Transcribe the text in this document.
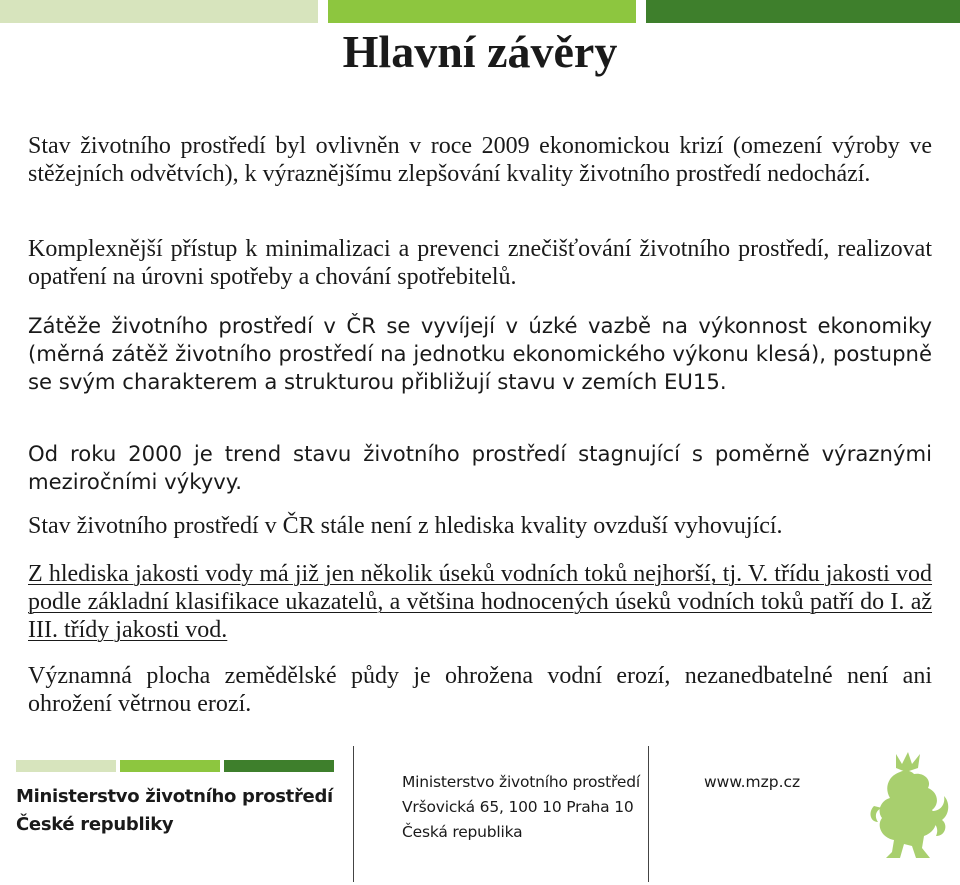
Hlavní závěry

Stav životního prostředí byl ovlivněn v roce 2009 ekonomickou krizí (omezení výroby ve stěžejních odvětvích), k výraznějšímu zlepšování kvality životního prostředí nedochází.

Komplexnější přístup k minimalizaci a prevenci znečišťování životního prostředí, realizovat opatření na úrovni spotřeby a chování spotřebitelů.

Zátěže životního prostředí v ČR se vyvíjejí v úzké vazbě na výkonnost ekonomiky (měrná zátěž životního prostředí na jednotku ekonomického výkonu klesá), postupně se svým charakterem a strukturou přibližují stavu v zemích EU15.

Od roku 2000 je trend stavu životního prostředí stagnující s poměrně výraznými meziročními výkyvy.

Stav životního prostředí v ČR stále není z hlediska kvality ovzduší vyhovující.

Z hlediska jakosti vody má již jen několik úseků vodních toků nejhorší, tj. V. třídu jakosti vod podle základní klasifikace ukazatelů, a většina hodnocených úseků vodních toků patří do I. až III. třídy jakosti vod.

Významná plocha zemědělské půdy je ohrožena vodní erozí, nezanedbatelné není ani ohrožení větrnou erozí.

Ministerstvo životního prostředí
České republiky
Ministerstvo životního prostředí
Vršovická 65, 100 10 Praha 10
Česká republika
www.mzp.cz
